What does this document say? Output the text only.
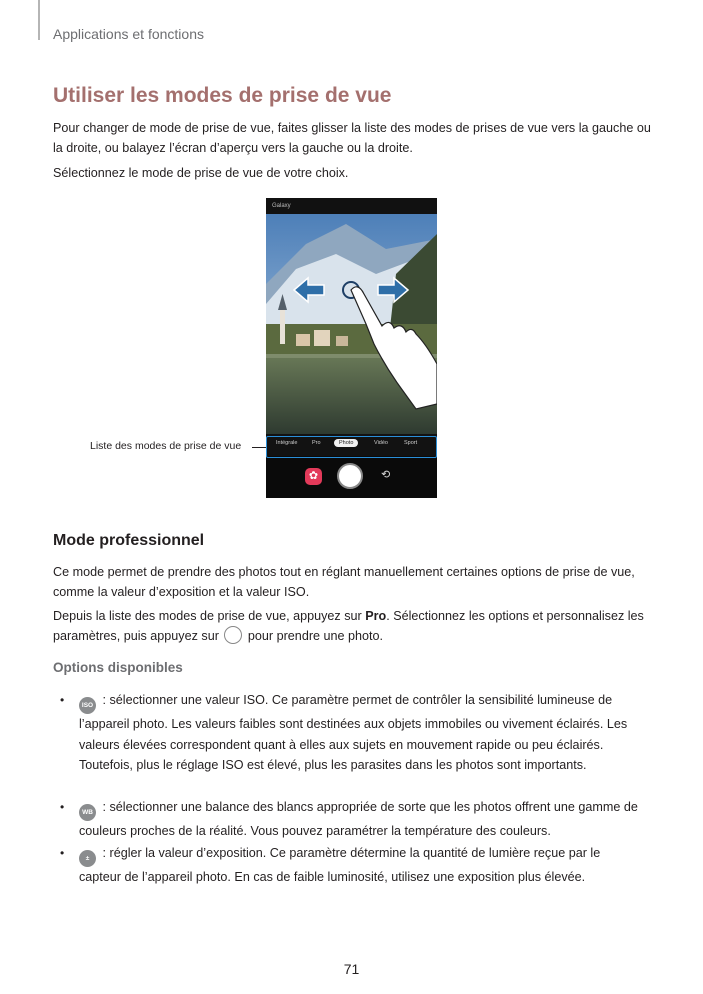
Applications et fonctions
Utiliser les modes de prise de vue

Pour changer de mode de prise de vue, faites glisser la liste des modes de prises de vue vers la gauche ou la droite, ou balayez l’écran d’aperçu vers la gauche ou la droite.

Sélectionnez le mode de prise de vue de votre choix.

Galaxy
Intégrale	Pro	Photo	Vidéo	Sport
✿	⟲
Liste des modes de prise de vue
Mode professionnel

Ce mode permet de prendre des photos tout en réglant manuellement certaines options de prise de vue, comme la valeur d’exposition et la valeur ISO.

Depuis la liste des modes de prise de vue, appuyez sur Pro. Sélectionnez les options et personnalisez les paramètres, puis appuyez sur  pour prendre une photo.

Options disponibles
•	ISO : sélectionner une valeur ISO. Ce paramètre permet de contrôler la sensibilité lumineuse de l’appareil photo. Les valeurs faibles sont destinées aux objets immobiles ou vivement éclairés. Les valeurs élevées correspondent quant à elles aux sujets en mouvement rapide ou peu éclairés. Toutefois, plus le réglage ISO est élevé, plus les parasites dans les photos sont importants.
•	WB : sélectionner une balance des blancs appropriée de sorte que les photos offrent une gamme de couleurs proches de la réalité. Vous pouvez paramétrer la température des couleurs.
•	± : régler la valeur d’exposition. Ce paramètre détermine la quantité de lumière reçue par le capteur de l’appareil photo. En cas de faible luminosité, utilisez une exposition plus élevée.
71
